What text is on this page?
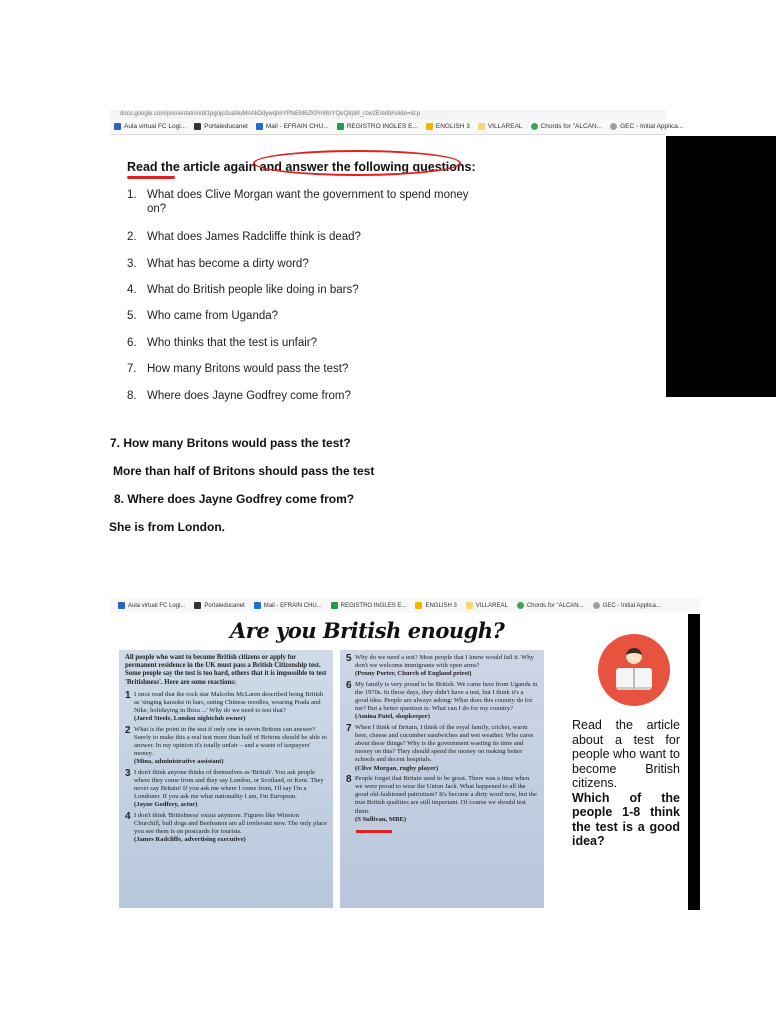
docs.google.com/presentation/d/1pgnjo2uaNuMnAkDdywqbnYPNEM6ZKPnWnYQeQ8pM_rzw2E/edit#slide=id.p
Aula virtual FC Logi...	Portaleducanet	Mail - EFRAIN CHU...	REGISTRO INGLES E...	ENGLISH 3	VILLAREAL	Chords for "ALCAN...	GEC - Initial Applica...
Read the article again and answer the following questions:
1. What does Clive Morgan want the government to spend money on?
2. What does James Radcliffe think is dead?
3. What has become a dirty word?
4. What do British people like doing in bars?
5. Who came from Uganda?
6. Who thinks that the test is unfair?
7. How many Britons would pass the test?
8. Where does Jayne Godfrey come from?
7. How many Britons would pass the test?
More than half of Britons should pass the test
8. Where does Jayne Godfrey come from?
She is from London.
Aula virtual FC Logi...	Portaleducanet	Mail - EFRAIN CHU...	REGISTRO INGLES E...	ENGLISH 3	VILLAREAL	Chords for "ALCAN...	GEC - Initial Applica...
Are you British enough?
All people who want to become British citizens or apply for permanent residence in the UK must pass a British Citizenship test. Some people say the test is too hard, others that it is impossible to test 'Britishness'. Here are some reactions:
1 I once read that the rock star Malcolm McLaren described being British as 'singing karaoke in bars, eating Chinese noodles, wearing Prada and Nike, holidaying in Ibiza ...' Why do we need to test that?
(Jared Steele, London nightclub owner)
2 What is the point in the test if only one in seven Britons can answer? Surely to make this a real test more than half of Britons should be able to answer. In my opinion it's totally unfair – and a waste of taxpayers' money.
(Mina, administrative assistant)
3 I don't think anyone thinks of themselves as 'British'. You ask people where they come from and they say London, or Scotland, or Kent. They never say Britain! If you ask me where I come from, I'll say I'm a Londoner. If you ask me what nationality I am, I'm European.
(Jayne Godfrey, actor)
4 I don't think 'Britishness' exists anymore. Figures like Winston Churchill, bull dogs and Beefeaters are all irrelevant now. The only place you see them is on postcards for tourists.
(James Radcliffe, advertising executive)
5 Why do we need a test? Most people that I know would fail it. Why don't we welcome immigrants with open arms?
(Penny Porter, Church of England priest)
6 My family is very proud to be British. We came here from Uganda in the 1970s. In those days, they didn't have a test, but I think it's a good idea. People are always asking: What does this country do for me? But a better question is: What can I do for my country?
(Amina Patel, shopkeeper)
7 When I think of Britain, I think of the royal family, cricket, warm beer, cheese and cucumber sandwiches and wet weather. Who cares about these things? Why is the government wasting its time and money on this? They should spend the money on making better schools and decent hospitals.
(Clive Morgan, rugby player)
8 People forget that Britain used to be great. There was a time when we were proud to wear the Union Jack. What happened to all the good old-fashioned patriotism? It's become a dirty word now, but the true British qualities are still important. Of course we should test them.
(S Sullivan, MBE)
Read the article about a test for people who want to become British citizens.
Which of the people 1-8 think the test is a good idea?
